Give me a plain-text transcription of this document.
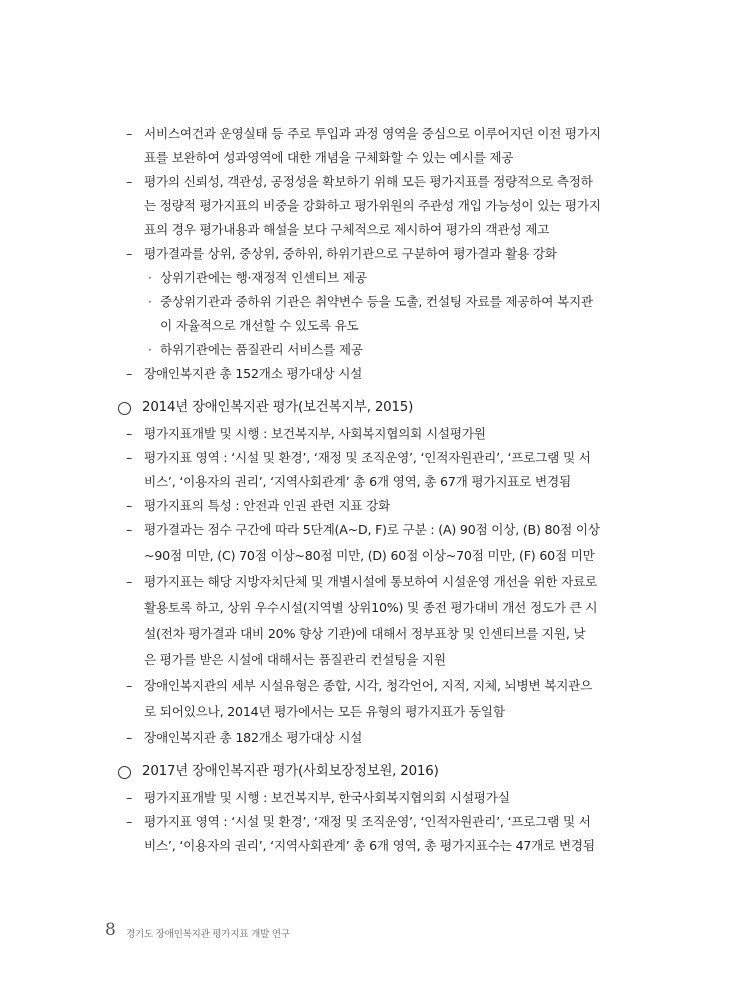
– 서비스여건과 운영실태 등 주로 투입과 과정 영역을 중심으로 이루어지던 이전 평가지
표를 보완하여 성과영역에 대한 개념을 구체화할 수 있는 예시를 제공
– 평가의 신뢰성, 객관성, 공정성을 확보하기 위해 모든 평가지표를 정량적으로 측정하
는 정량적 평가지표의 비중을 강화하고 평가위원의 주관성 개입 가능성이 있는 평가지
표의 경우 평가내용과 해설을 보다 구체적으로 제시하여 평가의 객관성 제고
– 평가결과를 상위, 중상위, 중하위, 하위기관으로 구분하여 평가결과 활용 강화
· 상위기관에는 행·재정적 인센티브 제공
· 중상위기관과 중하위 기관은 취약변수 등을 도출, 컨설팅 자료를 제공하여 복지관
이 자율적으로 개선할 수 있도록 유도
· 하위기관에는 품질관리 서비스를 제공
– 장애인복지관 총 152개소 평가대상 시설
2014년 장애인복지관 평가(보건복지부, 2015)
– 평가지표개발 및 시행 : 보건복지부, 사회복지협의회 시설평가원
– 평가지표 영역 : ‘시설 및 환경’, ‘재정 및 조직운영’, ‘인적자원관리’, ‘프로그램 및 서
비스’, ‘이용자의 권리’, ‘지역사회관계’ 총 6개 영역, 총 67개 평가지표로 변경됨
– 평가지표의 특성 : 안전과 인권 관련 지표 강화
– 평가결과는 점수 구간에 따라 5단계(A~D, F)로 구분 : (A) 90점 이상, (B) 80점 이상
~90점 미만, (C) 70점 이상~80점 미만, (D) 60점 이상~70점 미만, (F) 60점 미만
– 평가지표는 해당 지방자치단체 및 개별시설에 통보하여 시설운영 개선을 위한 자료로
활용토록 하고, 상위 우수시설(지역별 상위10%) 및 종전 평가대비 개선 정도가 큰 시
설(전차 평가결과 대비 20% 향상 기관)에 대해서 정부표창 및 인센티브를 지원, 낮
은 평가를 받은 시설에 대해서는 품질관리 컨설팅을 지원
– 장애인복지관의 세부 시설유형은 종합, 시각, 청각언어, 지적, 지체, 뇌병변 복지관으
로 되어있으나, 2014년 평가에서는 모든 유형의 평가지표가 동일함
– 장애인복지관 총 182개소 평가대상 시설
2017년 장애인복지관 평가(사회보장정보원, 2016)
– 평가지표개발 및 시행 : 보건복지부, 한국사회복지협의회 시설평가실
– 평가지표 영역 : ‘시설 및 환경’, ‘재정 및 조직운영’, ‘인적자원관리’, ‘프로그램 및 서
비스’, ‘이용자의 권리’, ‘지역사회관계’ 총 6개 영역, 총 평가지표수는 47개로 변경됨
8 경기도 장애인복지관 평가지표 개발 연구
